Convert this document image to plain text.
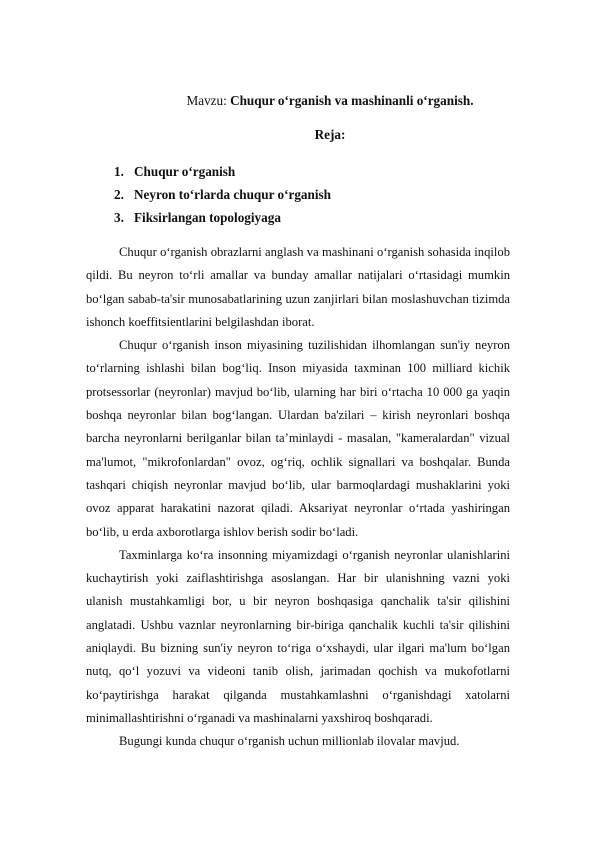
Mavzu: Chuqur o‘rganish va mashinanli o‘rganish.
Reja:
1. Chuqur o‘rganish
2. Neyron to‘rlarda chuqur o‘rganish
3. Fiksirlangan topologiyaga

Chuqur o‘rganish obrazlarni anglash va mashinani o‘rganish sohasida inqilob qildi. Bu neyron to‘rli amallar va bunday amallar natijalari o‘rtasidagi mumkin bo‘lgan sabab-ta'sir munosabatlarining uzun zanjirlari bilan moslashuvchan tizimda ishonch koeffitsientlarini belgilashdan iborat.

Chuqur o‘rganish inson miyasining tuzilishidan ilhomlangan sun'iy neyron to‘rlarning ishlashi bilan bog‘liq. Inson miyasida taxminan 100 milliard kichik protsessorlar (neyronlar) mavjud bo‘lib, ularning har biri o‘rtacha 10 000 ga yaqin boshqa neyronlar bilan bog‘langan. Ulardan ba'zilari – kirish neyronlari boshqa barcha neyronlarni berilganlar bilan ta’minlaydi - masalan, "kameralardan" vizual ma'lumot, "mikrofonlardan" ovoz, og‘riq, ochlik signallari va boshqalar. Bunda tashqari chiqish neyronlar mavjud bo‘lib, ular barmoqlardagi mushaklarini yoki ovoz apparat harakatini nazorat qiladi. Aksariyat neyronlar o‘rtada yashiringan bo‘lib, u erda axborotlarga ishlov berish sodir bo‘ladi.

Taxminlarga ko‘ra insonning miyamizdagi o‘rganish neyronlar ulanishlarini kuchaytirish yoki zaiflashtirishga asoslangan. Har bir ulanishning vazni yoki ulanish mustahkamligi bor, u bir neyron boshqasiga qanchalik ta'sir qilishini anglatadi. Ushbu vaznlar neyronlarning bir-biriga qanchalik kuchli ta'sir qilishini aniqlaydi. Bu bizning sun'iy neyron to‘riga o‘xshaydi, ular ilgari ma'lum bo‘lgan nutq, qo‘l yozuvi va videoni tanib olish, jarimadan qochish va mukofotlarni ko‘paytirishga harakat qilganda mustahkamlashni o‘rganishdagi xatolarni minimallashtirishni o‘rganadi va mashinalarni yaxshiroq boshqaradi.

Bugungi kunda chuqur o‘rganish uchun millionlab ilovalar mavjud.
